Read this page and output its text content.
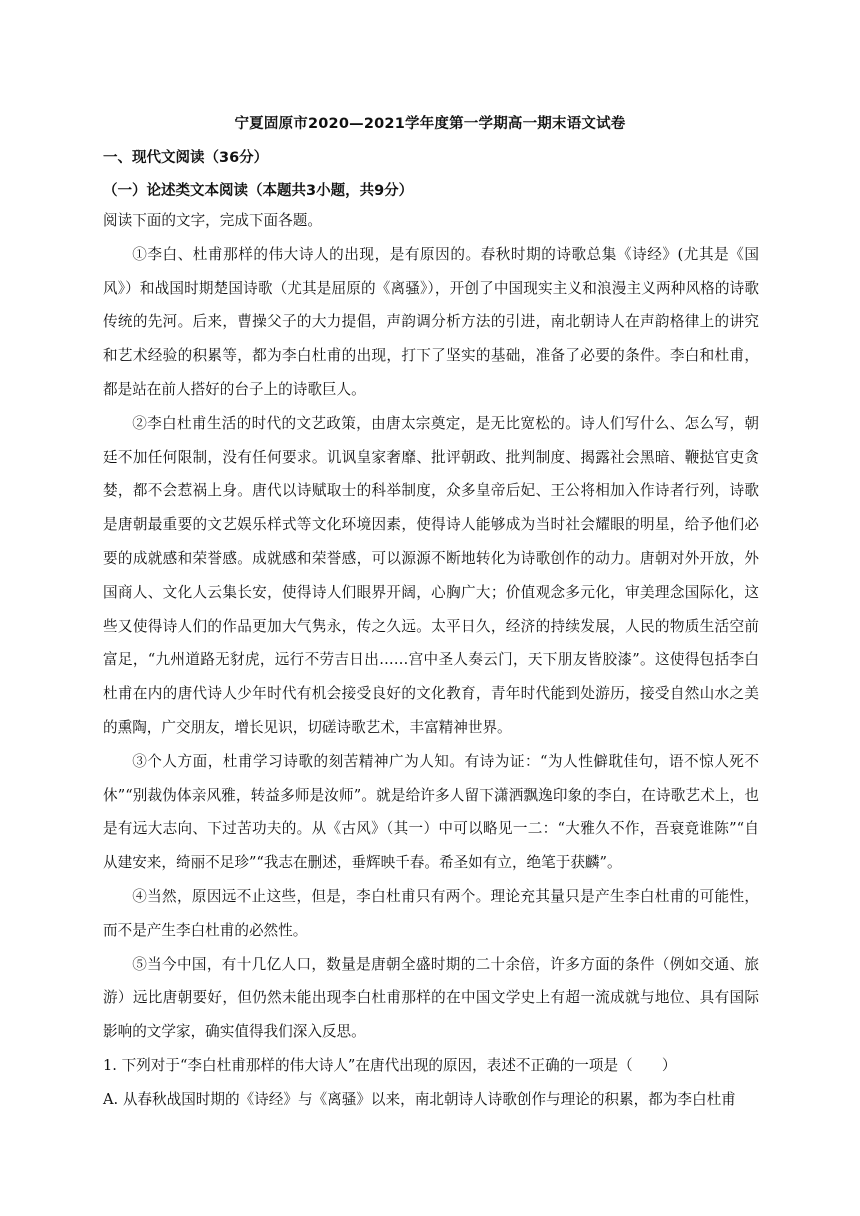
宁夏固原市2020—2021学年度第一学期高一期末语文试卷
一、现代文阅读（36分）
（一）论述类文本阅读（本题共3小题，共9分）

阅读下面的文字，完成下面各题。

①李白、杜甫那样的伟大诗人的出现，是有原因的。春秋时期的诗歌总集《诗经》(尤其是《国风》）和战国时期楚国诗歌（尤其是屈原的《离骚》），开创了中国现实主义和浪漫主义两种风格的诗歌传统的先河。后来，曹操父子的大力提倡，声韵调分析方法的引进，南北朝诗人在声韵格律上的讲究和艺术经验的积累等，都为李白杜甫的出现，打下了坚实的基础，准备了必要的条件。李白和杜甫，都是站在前人搭好的台子上的诗歌巨人。

②李白杜甫生活的时代的文艺政策，由唐太宗奠定，是无比宽松的。诗人们写什么、怎么写，朝廷不加任何限制，没有任何要求。讥讽皇家奢靡、批评朝政、批判制度、揭露社会黑暗、鞭挞官吏贪婪，都不会惹祸上身。唐代以诗赋取士的科举制度，众多皇帝后妃、王公将相加入作诗者行列，诗歌是唐朝最重要的文艺娱乐样式等文化环境因素，使得诗人能够成为当时社会耀眼的明星，给予他们必要的成就感和荣誉感。成就感和荣誉感，可以源源不断地转化为诗歌创作的动力。唐朝对外开放，外国商人、文化人云集长安，使得诗人们眼界开阔，心胸广大；价值观念多元化，审美理念国际化，这些又使得诗人们的作品更加大气隽永，传之久远。太平日久，经济的持续发展，人民的物质生活空前富足，“九州道路无豺虎，远行不劳吉日出……宫中圣人奏云门，天下朋友皆胶漆”。这使得包括李白杜甫在内的唐代诗人少年时代有机会接受良好的文化教育，青年时代能到处游历，接受自然山水之美的熏陶，广交朋友，增长见识，切磋诗歌艺术，丰富精神世界。

③个人方面，杜甫学习诗歌的刻苦精神广为人知。有诗为证：“为人性僻耽佳句，语不惊人死不休”“别裁伪体亲风雅，转益多师是汝师”。就是给许多人留下潇洒飘逸印象的李白，在诗歌艺术上，也是有远大志向、下过苦功夫的。从《古风》（其一）中可以略见一二：“大雅久不作，吾衰竟谁陈”“自从建安来，绮丽不足珍”“我志在删述，垂辉映千春。希圣如有立，绝笔于获麟”。

④当然，原因远不止这些，但是，李白杜甫只有两个。理论充其量只是产生李白杜甫的可能性，而不是产生李白杜甫的必然性。

⑤当今中国，有十几亿人口，数量是唐朝全盛时期的二十余倍，许多方面的条件（例如交通、旅游）远比唐朝要好，但仍然未能出现李白杜甫那样的在中国文学史上有超一流成就与地位、具有国际影响的文学家，确实值得我们深入反思。

1. 下列对于“李白杜甫那样的伟大诗人”在唐代出现的原因，表述不正确的一项是（　　）

A. 从春秋战国时期的《诗经》与《离骚》以来，南北朝诗人诗歌创作与理论的积累，都为李白杜甫
